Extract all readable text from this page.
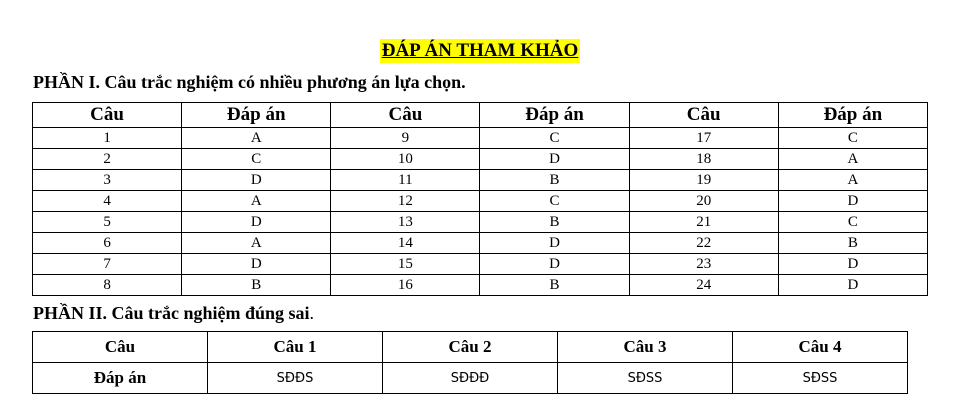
ĐÁP ÁN THAM KHẢO
PHẦN I. Câu trắc nghiệm có nhiều phương án lựa chọn.
Câu	Đáp án	Câu	Đáp án	Câu	Đáp án
1	A	9	C	17	C
2	C	10	D	18	A
3	D	11	B	19	A
4	A	12	C	20	D
5	D	13	B	21	C
6	A	14	D	22	B
7	D	15	D	23	D
8	B	16	B	24	D
PHẦN II. Câu trắc nghiệm đúng sai.
Câu	Câu 1	Câu 2	Câu 3	Câu 4
Đáp án	SĐĐS	SĐĐĐ	SĐSS	SĐSS
